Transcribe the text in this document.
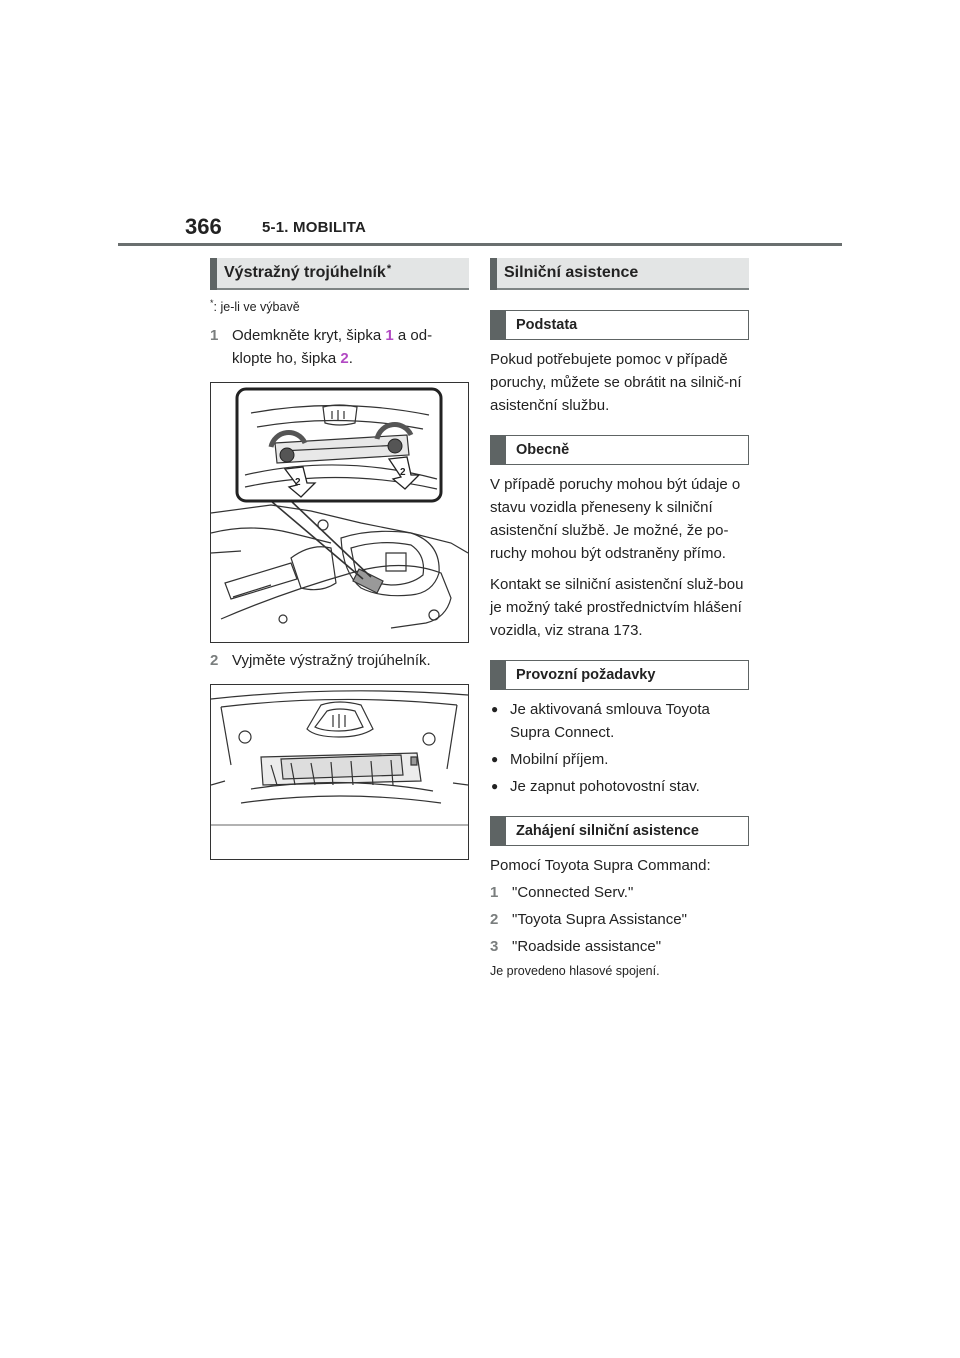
366	5-1. MOBILITA
Výstražný trojúhelník*
*: je-li ve výbavě
1 Odemkněte kryt, šipka 1 a od-klopte ho, šipka 2.
2
2
2 Vyjměte výstražný trojúhelník.
Silniční asistence
Podstata

Pokud potřebujete pomoc v případě poruchy, můžete se obrátit na silnič-ní asistenční službu.

Obecně

V případě poruchy mohou být údaje o stavu vozidla přeneseny k silniční asistenční službě. Je možné, že po-ruchy mohou být odstraněny přímo.

Kontakt se silniční asistenční služ-bou je možný také prostřednictvím hlášení vozidla, viz strana 173.

Provozní požadavky
● Je aktivovaná smlouva Toyota Supra Connect.
● Mobilní příjem.
● Je zapnut pohotovostní stav.
Zahájení silniční asistence

Pomocí Toyota Supra Command:

1 "Connected Serv."
2 "Toyota Supra Assistance"
3 "Roadside assistance"
Je provedeno hlasové spojení.
